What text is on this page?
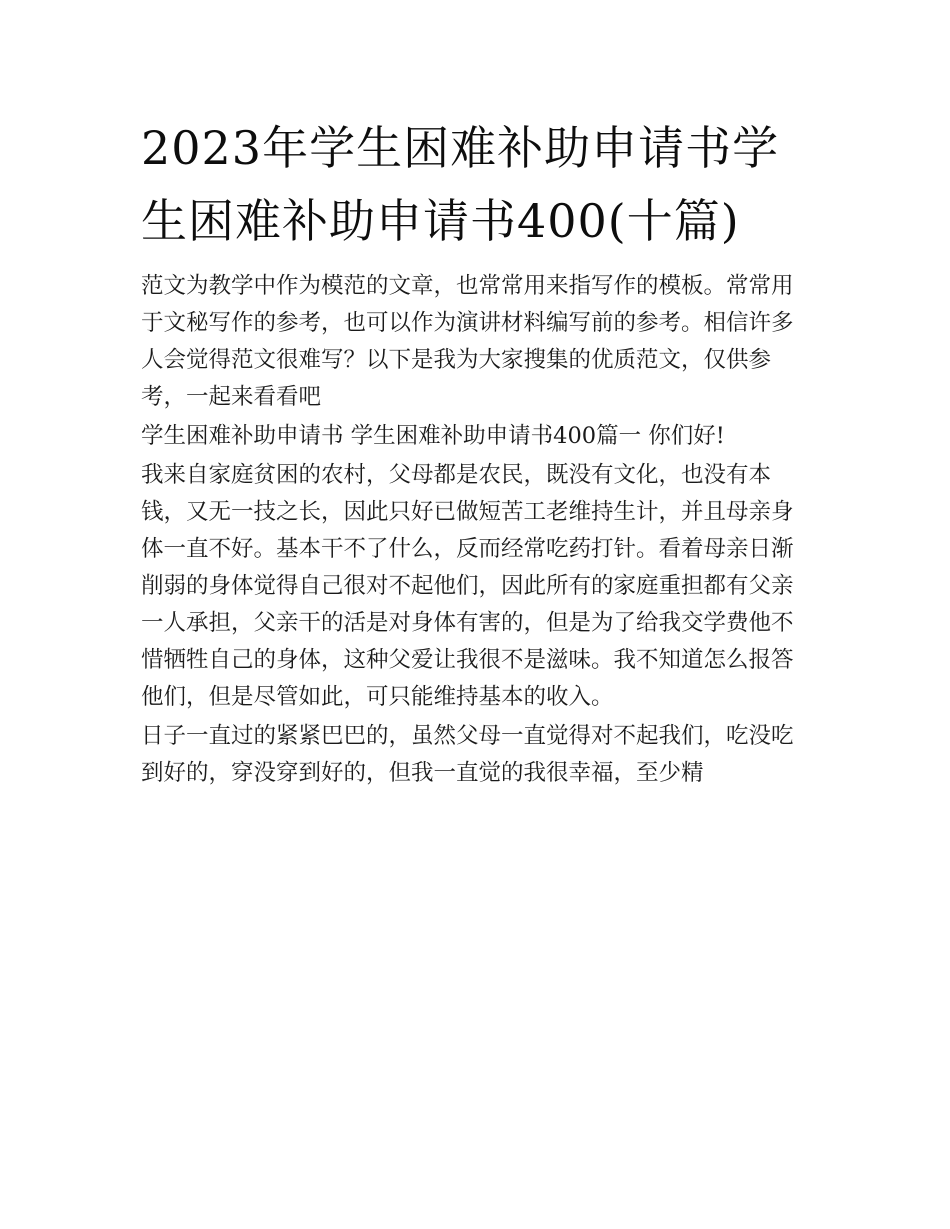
2023年学生困难补助申请书学生困难补助申请书400(十篇)

范文为教学中作为模范的文章，也常常用来指写作的模板。常常用于文秘写作的参考，也可以作为演讲材料编写前的参考。相信许多人会觉得范文很难写？以下是我为大家搜集的优质范文，仅供参考，一起来看看吧

学生困难补助申请书 学生困难补助申请书400篇一 你们好!

我来自家庭贫困的农村，父母都是农民，既没有文化，也没有本钱，又无一技之长，因此只好已做短苦工老维持生计，并且母亲身体一直不好。基本干不了什么，反而经常吃药打针。看着母亲日渐削弱的身体觉得自己很对不起他们，因此所有的家庭重担都有父亲一人承担，父亲干的活是对身体有害的，但是为了给我交学费他不惜牺牲自己的身体，这种父爱让我很不是滋味。我不知道怎么报答他们，但是尽管如此，可只能维持基本的收入。

日子一直过的紧紧巴巴的，虽然父母一直觉得对不起我们，吃没吃到好的，穿没穿到好的，但我一直觉的我很幸福，至少精
